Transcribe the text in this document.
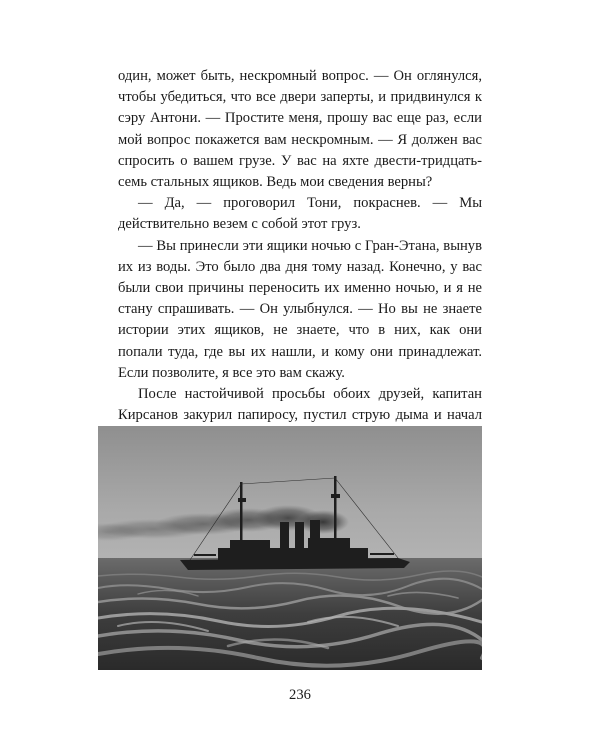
один, может быть, нескромный вопрос. — Он оглянулся, чтобы убедиться, что все двери заперты, и придвинулся к сэру Антони. — Простите меня, прошу вас еще раз, если мой вопрос покажется вам нескромным. — Я должен вас спросить о вашем грузе. У вас на яхте двести-тридцать-семь стальных ящиков. Ведь мои сведения верны?

— Да, — проговорил Тони, покраснев. — Мы действительно везем с собой этот груз.

— Вы принесли эти ящики ночью с Гран-Этана, вынув их из воды. Это было два дня тому назад. Конечно, у вас были свои причины переносить их именно ночью, и я не стану спрашивать. — Он улыбнулся. — Но вы не знаете истории этих ящиков, не знаете, что в них, как они попали туда, где вы их нашли, и кому они принадлежат. Если позволите, я все это вам скажу.

После настойчивой просьбы обоих друзей, капитан Кирсанов закурил папиросу, пустил струю дыма и начал

236
